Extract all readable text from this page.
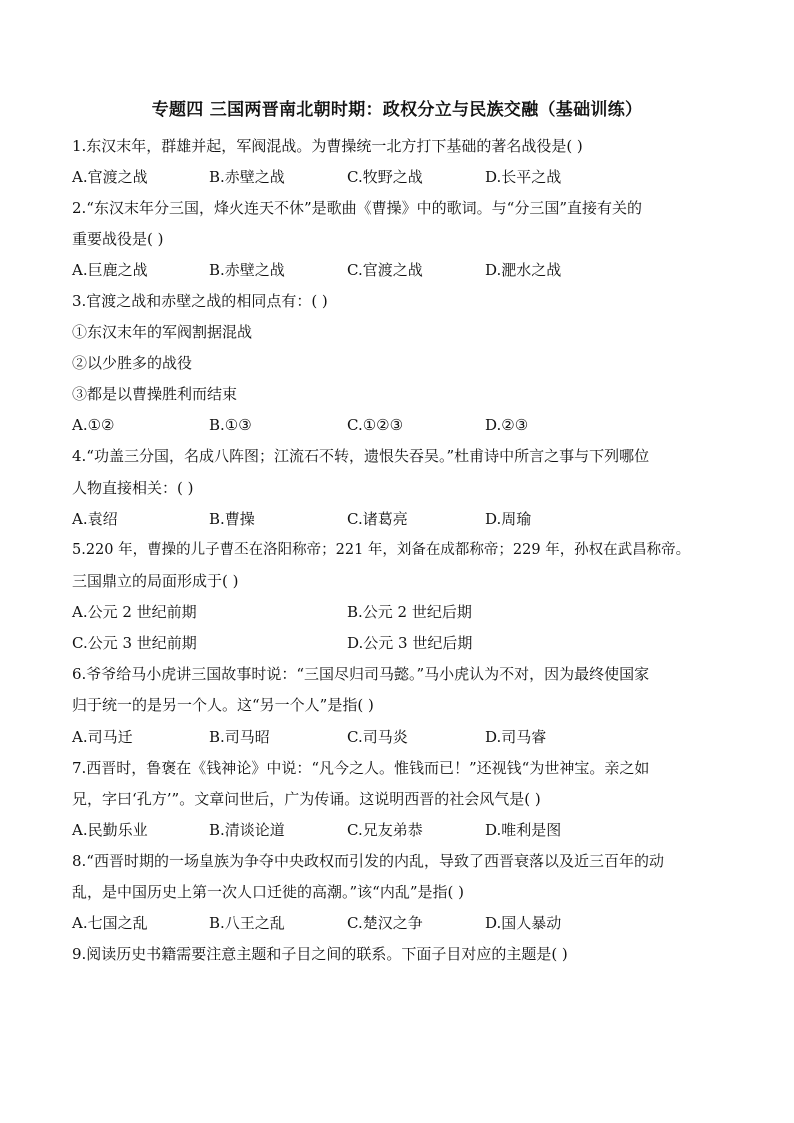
专题四 三国两晋南北朝时期：政权分立与民族交融（基础训练）
1.东汉末年，群雄并起，军阀混战。为曹操统一北方打下基础的著名战役是( )
A.官渡之战	B.赤壁之战	C.牧野之战	D.长平之战
2.“东汉末年分三国，烽火连天不休”是歌曲《曹操》中的歌词。与“分三国”直接有关的
重要战役是( )
A.巨鹿之战	B.赤壁之战	C.官渡之战	D.淝水之战
3.官渡之战和赤壁之战的相同点有：( )
①东汉末年的军阀割据混战
②以少胜多的战役
③都是以曹操胜利而结束
A.①②	B.①③	C.①②③	D.②③
4.“功盖三分国，名成八阵图；江流石不转，遗恨失吞吴。”杜甫诗中所言之事与下列哪位
人物直接相关：( )
A.袁绍	B.曹操	C.诸葛亮	D.周瑜
5.220 年，曹操的儿子曹丕在洛阳称帝；221 年，刘备在成都称帝；229 年，孙权在武昌称帝。
三国鼎立的局面形成于( )
A.公元 2 世纪前期	B.公元 2 世纪后期
C.公元 3 世纪前期	D.公元 3 世纪后期
6.爷爷给马小虎讲三国故事时说：“三国尽归司马懿。”马小虎认为不对，因为最终使国家
归于统一的是另一个人。这“另一个人”是指( )
A.司马迁	B.司马昭	C.司马炎	D.司马睿
7.西晋时，鲁褒在《钱神论》中说：“凡今之人。惟钱而已！”还视钱“为世神宝。亲之如
兄，字曰‘孔方’”。文章问世后，广为传诵。这说明西晋的社会风气是( )
A.民勤乐业	B.清谈论道	C.兄友弟恭	D.唯利是图
8.“西晋时期的一场皇族为争夺中央政权而引发的内乱，导致了西晋衰落以及近三百年的动
乱，是中国历史上第一次人口迁徙的高潮。”该“内乱”是指( )
A.七国之乱	B.八王之乱	C.楚汉之争	D.国人暴动
9.阅读历史书籍需要注意主题和子目之间的联系。下面子目对应的主题是( )
